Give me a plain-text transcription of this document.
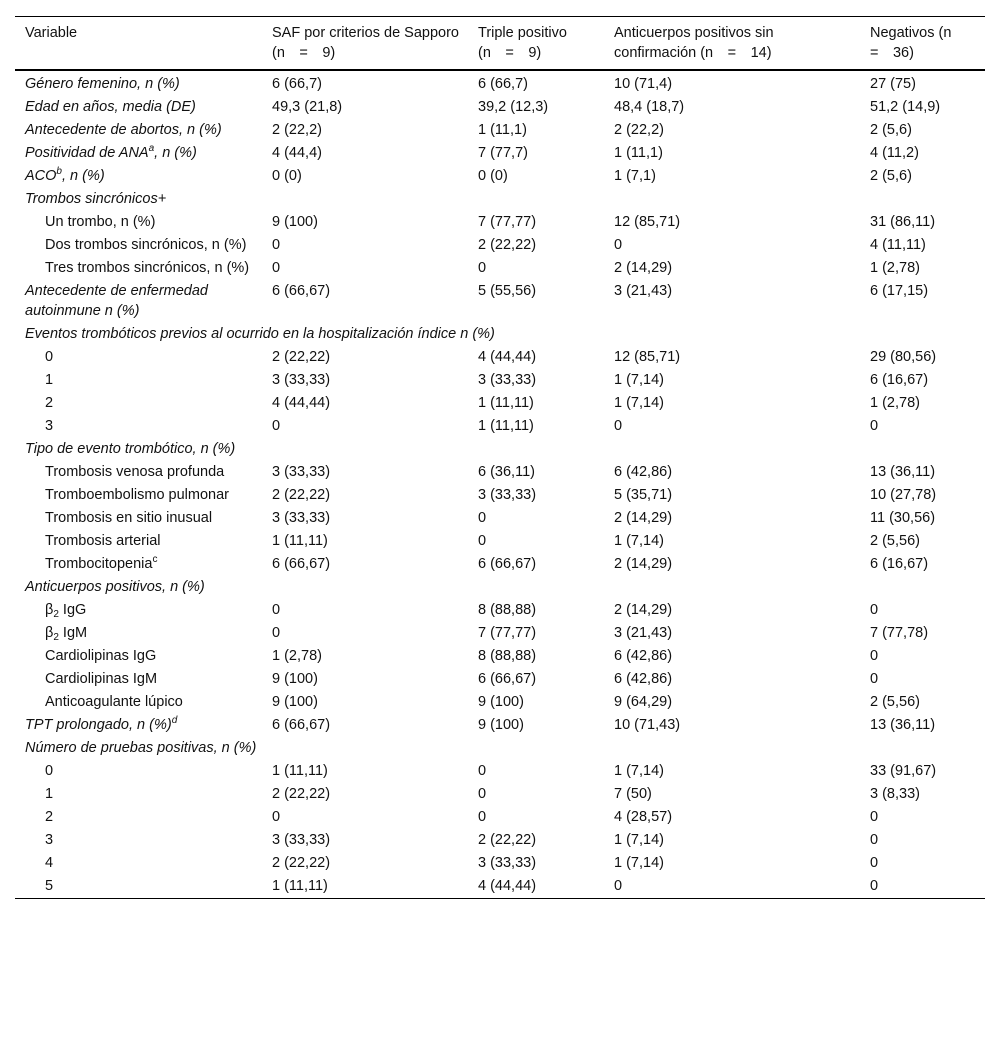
Variable	SAF por criterios de Sapporo (n = 9)	Triple positivo (n = 9)	Anticuerpos positivos sin confirmación (n = 14)	Negativos (n = 36)
Género femenino, n (%)	6 (66,7)	6 (66,7)	10 (71,4)	27 (75)
Edad en años, media (DE)	49,3 (21,8)	39,2 (12,3)	48,4 (18,7)	51,2 (14,9)
Antecedente de abortos, n (%)	2 (22,2)	1 (11,1)	2 (22,2)	2 (5,6)
Positividad de ANA$^a$, n (%)	4 (44,4)	7 (77,7)	1 (11,1)	4 (11,2)
ACO$^b$, n (%)	0 (0)	0 (0)	1 (7,1)	2 (5,6)
Trombos sincrónicos+				
Un trombo, n (%)	9 (100)	7 (77,77)	12 (85,71)	31 (86,11)
Dos trombos sincrónicos, n (%)	0	2 (22,22)	0	4 (11,11)
Tres trombos sincrónicos, n (%)	0	0	2 (14,29)	1 (2,78)
Antecedente de enfermedad autoinmune n (%)	6 (66,67)	5 (55,56)	3 (21,43)	6 (17,15)
Eventos trombóticos previos al ocurrido en la hospitalización índice n (%)				
0	2 (22,22)	4 (44,44)	12 (85,71)	29 (80,56)
1	3 (33,33)	3 (33,33)	1 (7,14)	6 (16,67)
2	4 (44,44)	1 (11,11)	1 (7,14)	1 (2,78)
3	0	1 (11,11)	0	0
Tipo de evento trombótico, n (%)				
Trombosis venosa profunda	3 (33,33)	6 (36,11)	6 (42,86)	13 (36,11)
Tromboembolismo pulmonar	2 (22,22)	3 (33,33)	5 (35,71)	10 (27,78)
Trombosis en sitio inusual	3 (33,33)	0	2 (14,29)	11 (30,56)
Trombosis arterial	1 (11,11)	0	1 (7,14)	2 (5,56)
Trombocitopenia$^c$	6 (66,67)	6 (66,67)	2 (14,29)	6 (16,67)
Anticuerpos positivos, n (%)				
$\beta_2$ IgG	0	8 (88,88)	2 (14,29)	0
$\beta_2$ IgM	0	7 (77,77)	3 (21,43)	7 (77,78)
Cardiolipinas IgG	1 (2,78)	8 (88,88)	6 (42,86)	0
Cardiolipinas IgM	9 (100)	6 (66,67)	6 (42,86)	0
Anticoagulante lúpico	9 (100)	9 (100)	9 (64,29)	2 (5,56)
TPT prolongado, n (%)$^d$	6 (66,67)	9 (100)	10 (71,43)	13 (36,11)
Número de pruebas positivas, n (%)				
0	1 (11,11)	0	1 (7,14)	33 (91,67)
1	2 (22,22)	0	7 (50)	3 (8,33)
2	0	0	4 (28,57)	0
3	3 (33,33)	2 (22,22)	1 (7,14)	0
4	2 (22,22)	3 (33,33)	1 (7,14)	0
5	1 (11,11)	4 (44,44)	0	0
